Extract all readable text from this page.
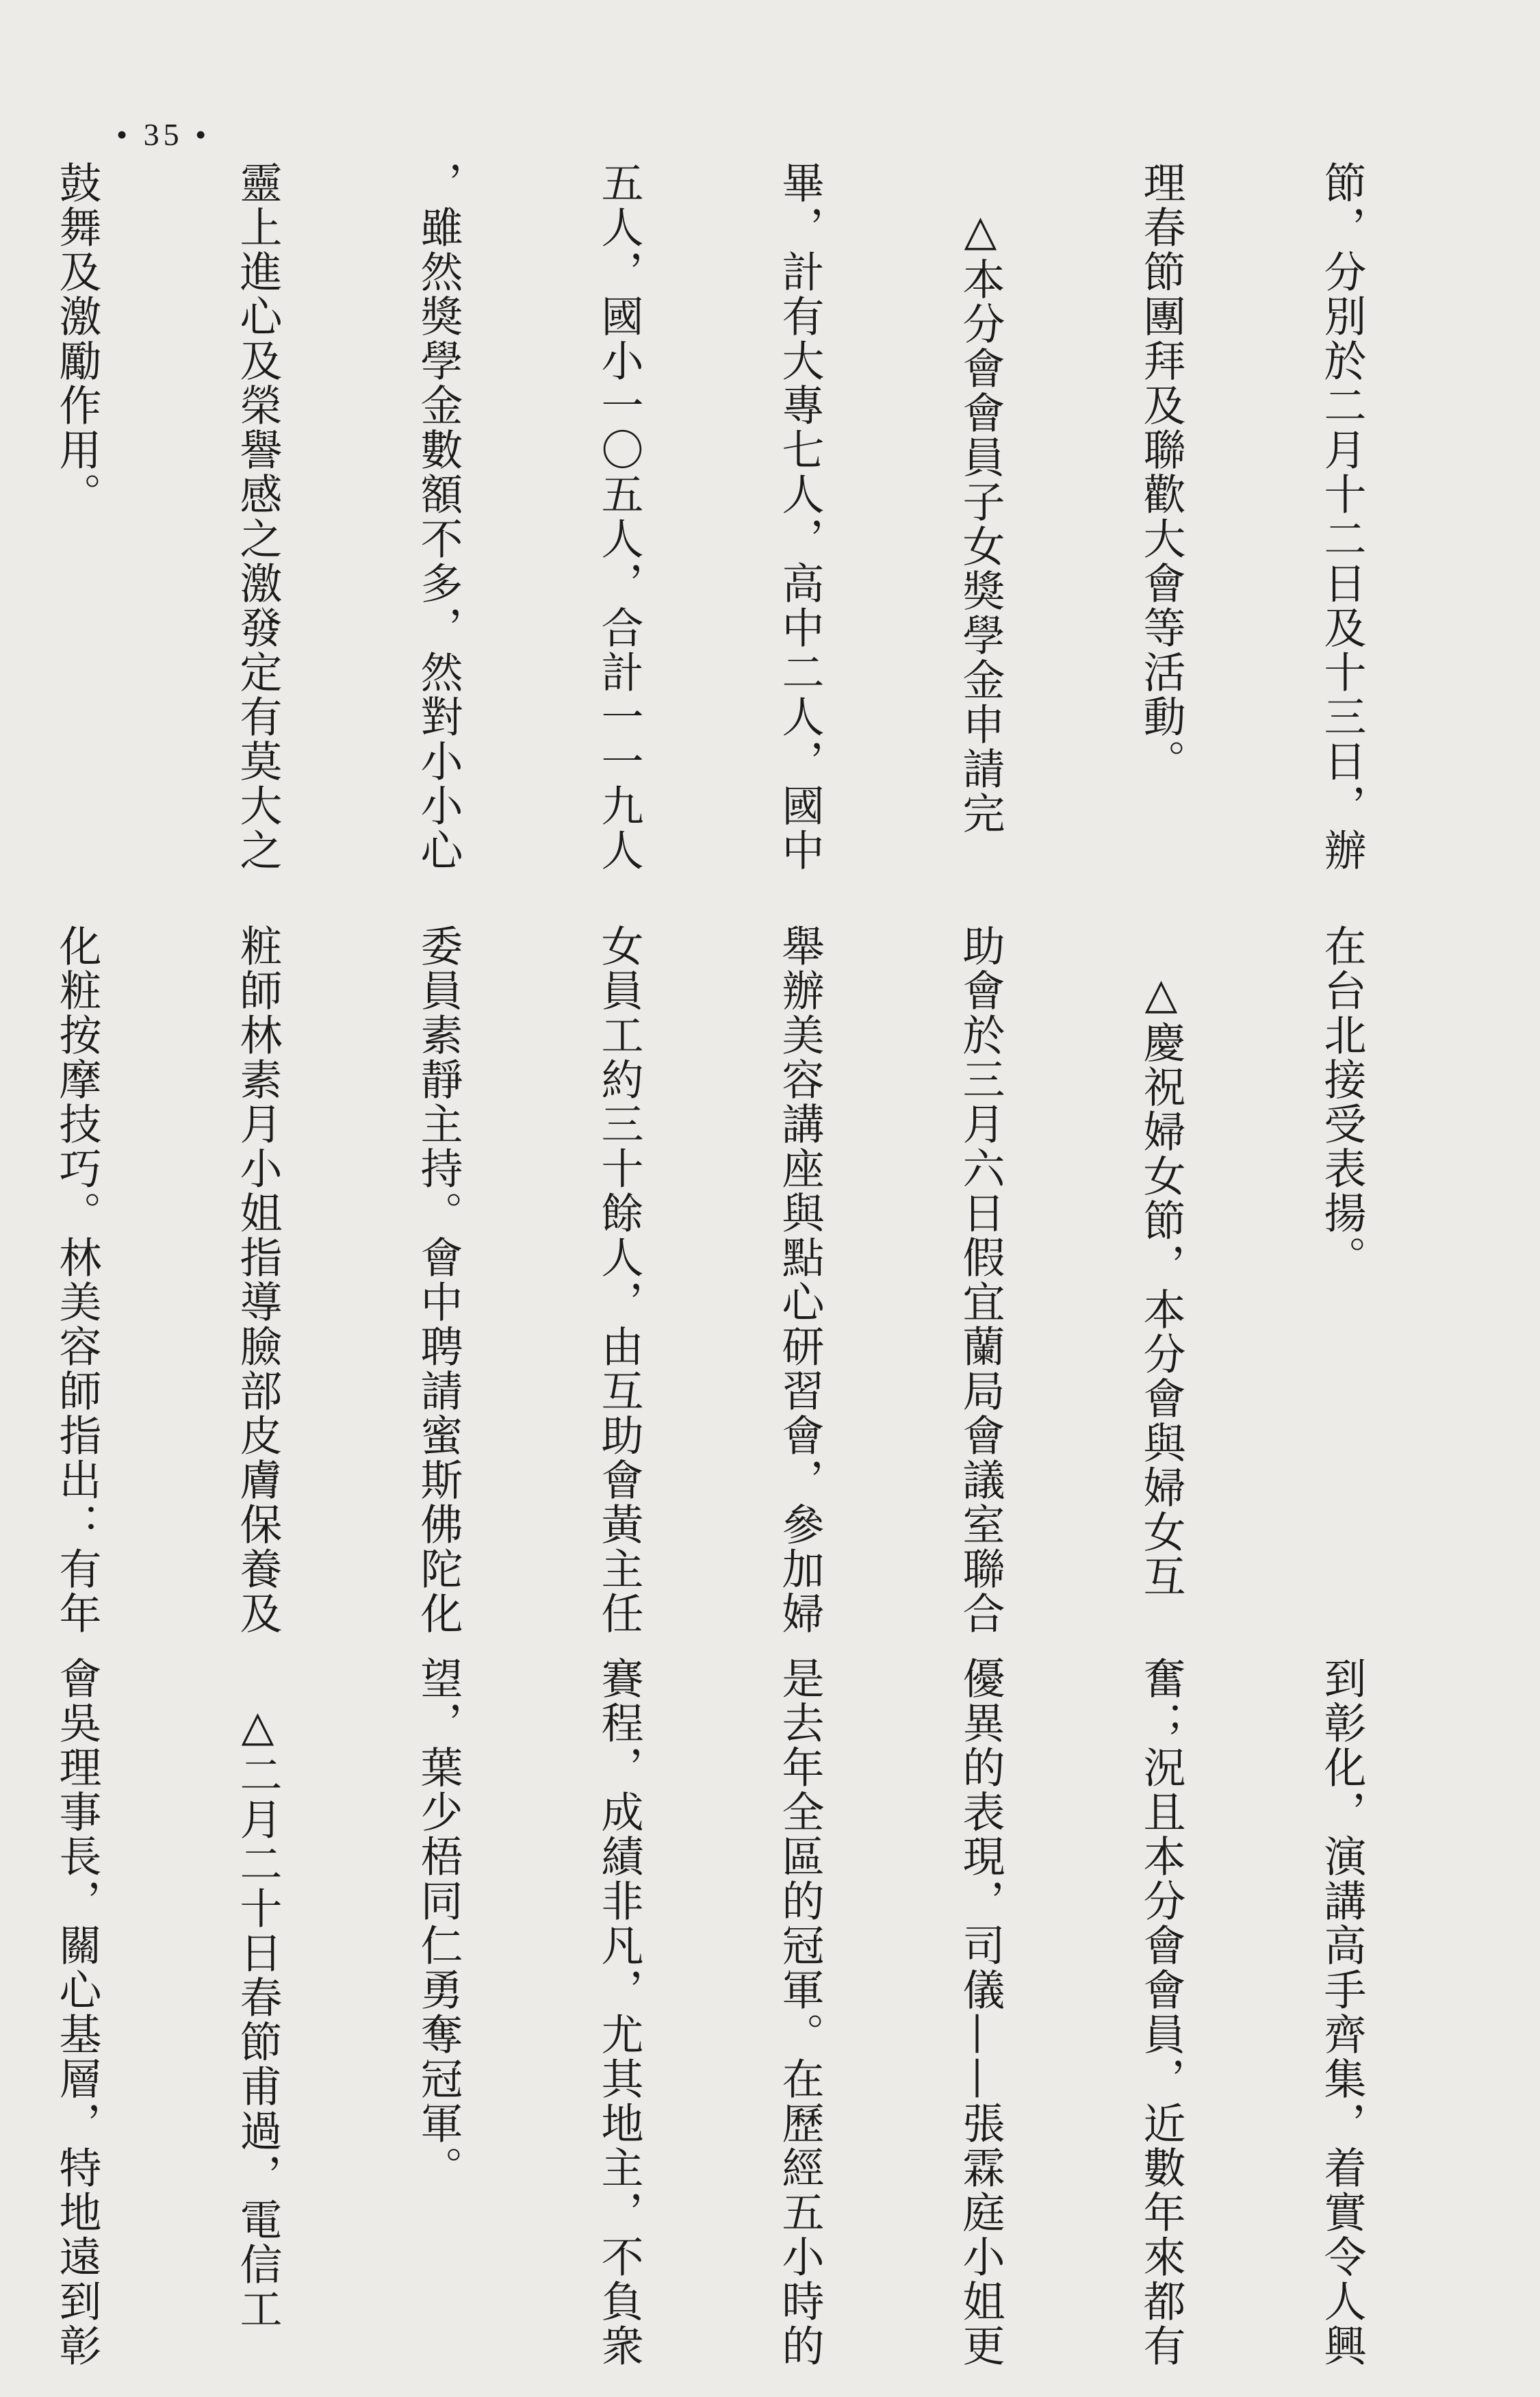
• 35 •

節，分別於二月十二日及十三日，辦

理春節團拜及聯歡大會等活動。

　△本分會會員子女獎學金申請完

畢，計有大專七人，高中二人，國中

五人，國小一〇五人，合計一一九人

，雖然獎學金數額不多，然對小小心

靈上進心及榮譽感之激發定有莫大之

鼓舞及激勵作用。

在台北接受表揚。

　△慶祝婦女節，本分會與婦女互

助會於三月六日假宜蘭局會議室聯合

舉辦美容講座與點心研習會，參加婦

女員工約三十餘人，由互助會黃主任

委員素靜主持。會中聘請蜜斯佛陀化

粧師林素月小姐指導臉部皮膚保養及

化粧按摩技巧。林美容師指出：有年

到彰化，演講高手齊集，着實令人興

奮；況且本分會會員，近數年來都有

優異的表現，司儀——張霖庭小姐更

是去年全區的冠軍。在歷經五小時的

賽程，成績非凡，尤其地主，不負衆

望，葉少梧同仁勇奪冠軍。

　△二月二十日春節甫過，電信工

會吳理事長，關心基層，特地遠到彰
